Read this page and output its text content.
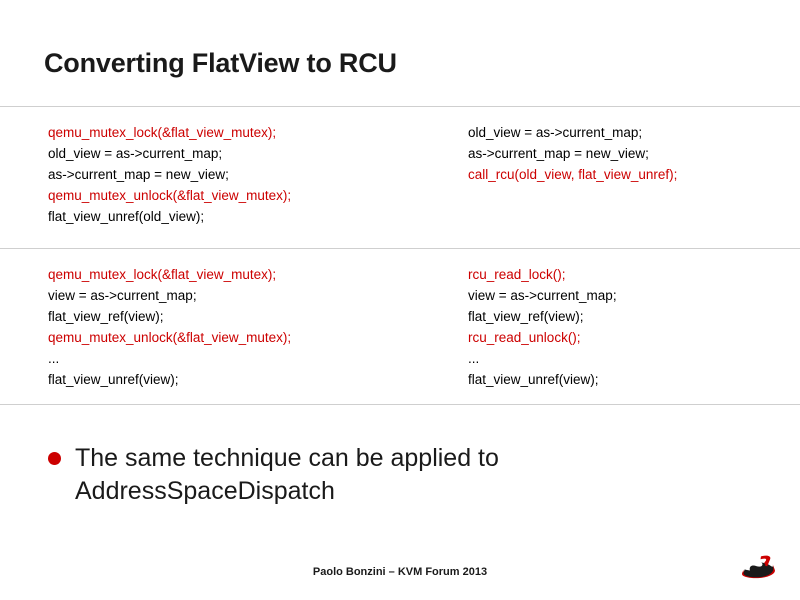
Converting FlatView to RCU
qemu_mutex_lock(&flat_view_mutex);
old_view = as->current_map;
as->current_map = new_view;
qemu_mutex_unlock(&flat_view_mutex);
flat_view_unref(old_view);
old_view = as->current_map;
as->current_map = new_view;
call_rcu(old_view, flat_view_unref);
qemu_mutex_lock(&flat_view_mutex);
view = as->current_map;
flat_view_ref(view);
qemu_mutex_unlock(&flat_view_mutex);
...
flat_view_unref(view);
rcu_read_lock();
view = as->current_map;
flat_view_ref(view);
rcu_read_unlock();
...
flat_view_unref(view);
The same technique can be applied to AddressSpaceDispatch
Paolo Bonzini – KVM Forum 2013
